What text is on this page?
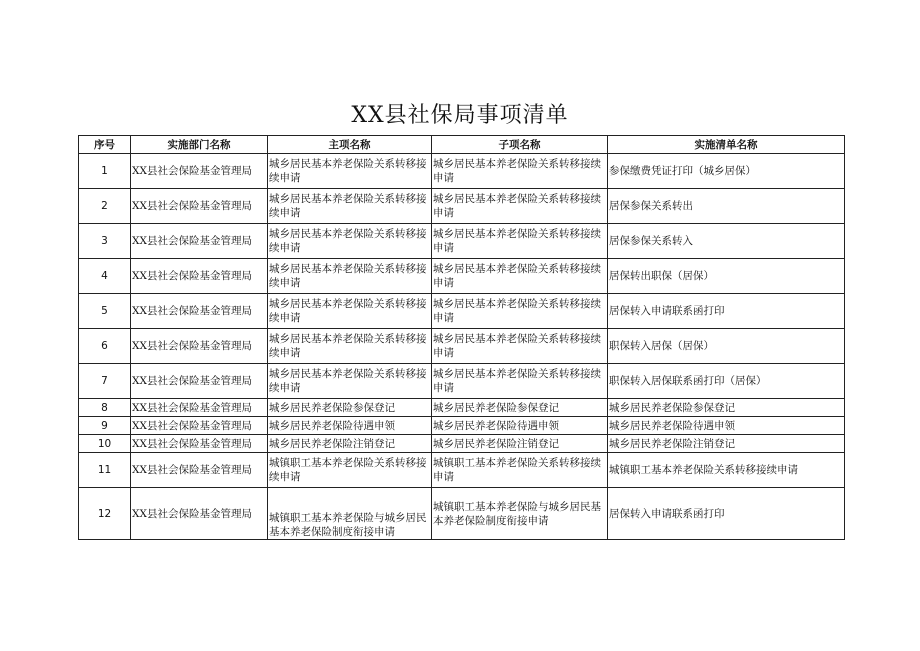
XX县社保局事项清单
序号	实施部门名称	主项名称	子项名称	实施清单名称
1	XX县社会保险基金管理局	城乡居民基本养老保险关系转移接续申请	城乡居民基本养老保险关系转移接续申请	参保缴费凭证打印（城乡居保）
2	XX县社会保险基金管理局	城乡居民基本养老保险关系转移接续申请	城乡居民基本养老保险关系转移接续申请	居保参保关系转出
3	XX县社会保险基金管理局	城乡居民基本养老保险关系转移接续申请	城乡居民基本养老保险关系转移接续申请	居保参保关系转入
4	XX县社会保险基金管理局	城乡居民基本养老保险关系转移接续申请	城乡居民基本养老保险关系转移接续申请	居保转出职保（居保）
5	XX县社会保险基金管理局	城乡居民基本养老保险关系转移接续申请	城乡居民基本养老保险关系转移接续申请	居保转入申请联系函打印
6	XX县社会保险基金管理局	城乡居民基本养老保险关系转移接续申请	城乡居民基本养老保险关系转移接续申请	职保转入居保（居保）
7	XX县社会保险基金管理局	城乡居民基本养老保险关系转移接续申请	城乡居民基本养老保险关系转移接续申请	职保转入居保联系函打印（居保）
8	XX县社会保险基金管理局	城乡居民养老保险参保登记	城乡居民养老保险参保登记	城乡居民养老保险参保登记
9	XX县社会保险基金管理局	城乡居民养老保险待遇申领	城乡居民养老保险待遇申领	城乡居民养老保险待遇申领
10	XX县社会保险基金管理局	城乡居民养老保险注销登记	城乡居民养老保险注销登记	城乡居民养老保险注销登记
11	XX县社会保险基金管理局	城镇职工基本养老保险关系转移接续申请	城镇职工基本养老保险关系转移接续申请	城镇职工基本养老保险关系转移接续申请
12	XX县社会保险基金管理局	城镇职工基本养老保险与城乡居民基本养老保险制度衔接申请	城镇职工基本养老保险与城乡居民基本养老保险制度衔接申请	居保转入申请联系函打印
